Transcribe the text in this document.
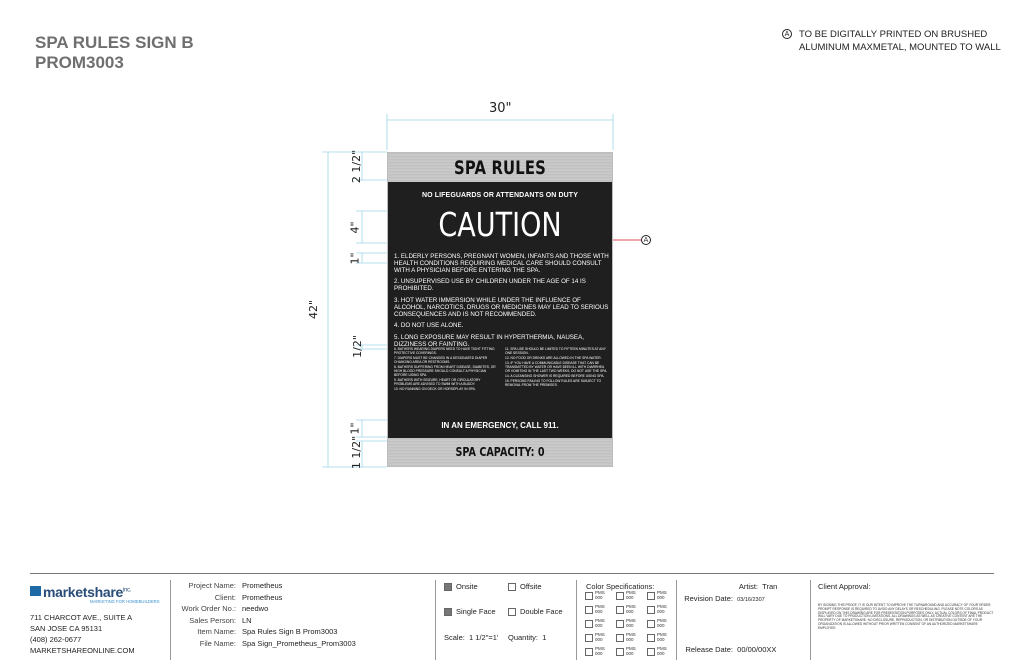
SPA RULES SIGN B
PROM3003
A TO BE DIGITALLY PRINTED ON BRUSHED
ALUMINUM MAXMETAL, MOUNTED TO WALL
30"
42"
2 1/2"
4"
1"
1/2"
1"
1 1/2"
A
SPA RULES
NO LIFEGUARDS OR ATTENDANTS ON DUTY
CAUTION
1. ELDERLY PERSONS, PREGNANT WOMEN, INFANTS AND THOSE WITH HEALTH CONDITIONS REQUIRING MEDICAL CARE SHOULD CONSULT WITH A PHYSICIAN BEFORE ENTERING THE SPA.
2. UNSUPERVISED USE BY CHILDREN UNDER THE AGE OF 14 IS PROHIBITED.
3. HOT WATER IMMERSION WHILE UNDER THE INFLUENCE OF ALCOHOL, NARCOTICS, DRUGS OR MEDICINES MAY LEAD TO SERIOUS CONSEQUENCES AND IS NOT RECOMMENDED.
4. DO NOT USE ALONE.
5. LONG EXPOSURE MAY RESULT IN HYPERTHERMIA, NAUSEA, DIZZINESS OR FAINTING.
6. BATHERS WEARING DIAPERS NEED TO HAVE TIGHT FITTING PROTECTIVE COVERINGS.
7. DIAPERS MUST BE CHANGED IN A DESIGNATED DIAPER CHANGING AREA OR RESTROOMS.
8. BATHERS SUFFERING FROM HEART DISEASE, DIABETES, OR HIGH BLOOD PRESSURE SHOULD CONSULT A PHYSICIAN BEFORE USING SPA.
9. BATHERS WITH SEIZURE, HEART OR CIRCULATORY PROBLEMS ARE ADVISED TO SWIM WITH A BUDDY.
10. NO RUNNING ON DECK OR HORSEPLAY IN SPA.
11. SPA USE SHOULD BE LIMITED TO FIFTEEN MINUTES AT ANY ONE SESSION.
12. NO FOOD OR DRINKS ARE ALLOWED IN THE SPA WATER.
13. IF YOU HAVE A COMMUNICABLE DISEASE THAT CAN BE TRANSMITTED BY WATER OR HAVE BEEN ILL WITH DIARRHEA OR VOMITING IN THE LAST TWO WEEKS, DO NOT USE THE SPA.
14. A CLEANSING SHOWER IS REQUIRED BEFORE USING SPA.
15. PERSONS FAILING TO FOLLOW RULES ARE SUBJECT TO REMOVAL FROM THE PREMISES.
IN AN EMERGENCY, CALL 911.
SPA CAPACITY: 0
marketshare$^{inc.}$
MARKETING FOR HOMEBUILDERS
711 CHARCOT AVE., SUITE A
SAN JOSE CA 95131
(408) 262-0677
MARKETSHAREONLINE.COM
Project Name: Prometheus
Client: Prometheus
Work Order No.: needwo
Sales Person: LN
Item Name: Spa Rules Sign B Prom3003
File Name: Spa Sign_Prometheus_Prom3003
Onsite	Offsite
Single Face	Double Face
Scale: 1 1/2"=1' Quantity: 1
Color Specifications:
PMS
000
PMS
000
PMS
000
PMS
000
PMS
000
PMS
000
PMS
000
PMS
000
PMS
000
PMS
000
PMS
000
PMS
000
PMS
000
PMS
000
PMS
000
Artist: Tran
Revision Date: 03/16/2307
Release Date: 00/00/00XX
Client Approval:
BY SIGNING THIS PROOF, IT IS OUR INTENT TO IMPROVE THE TURNAROUND AND ACCURACY OF YOUR ORDER. PROMPT RESPONSE IS REQUIRED TO AVOID ANY DELAYS OR RESCHEDULING. PLEASE NOTE COLORS AS DISPLAYED ON THIS DRAWING ARE FOR PRESENTATION PURPOSES ONLY. ACTUAL COLORS OF FINAL PRODUCT WILL VARY DUE TO PRODUCTION LIMITATIONS. ALL DRAWINGS AS WELL AS CREATIVE CONTENT ARE THE PROPERTY OF MARKETSHARE. NO DISCLOSURE, REPRODUCTION, OR DISTRIBUTION OUTSIDE OF YOUR ORGANIZATION IS ALLOWED WITHOUT PRIOR WRITTEN CONSENT OF AN AUTHORIZED MARKETSHARE EMPLOYEE.
